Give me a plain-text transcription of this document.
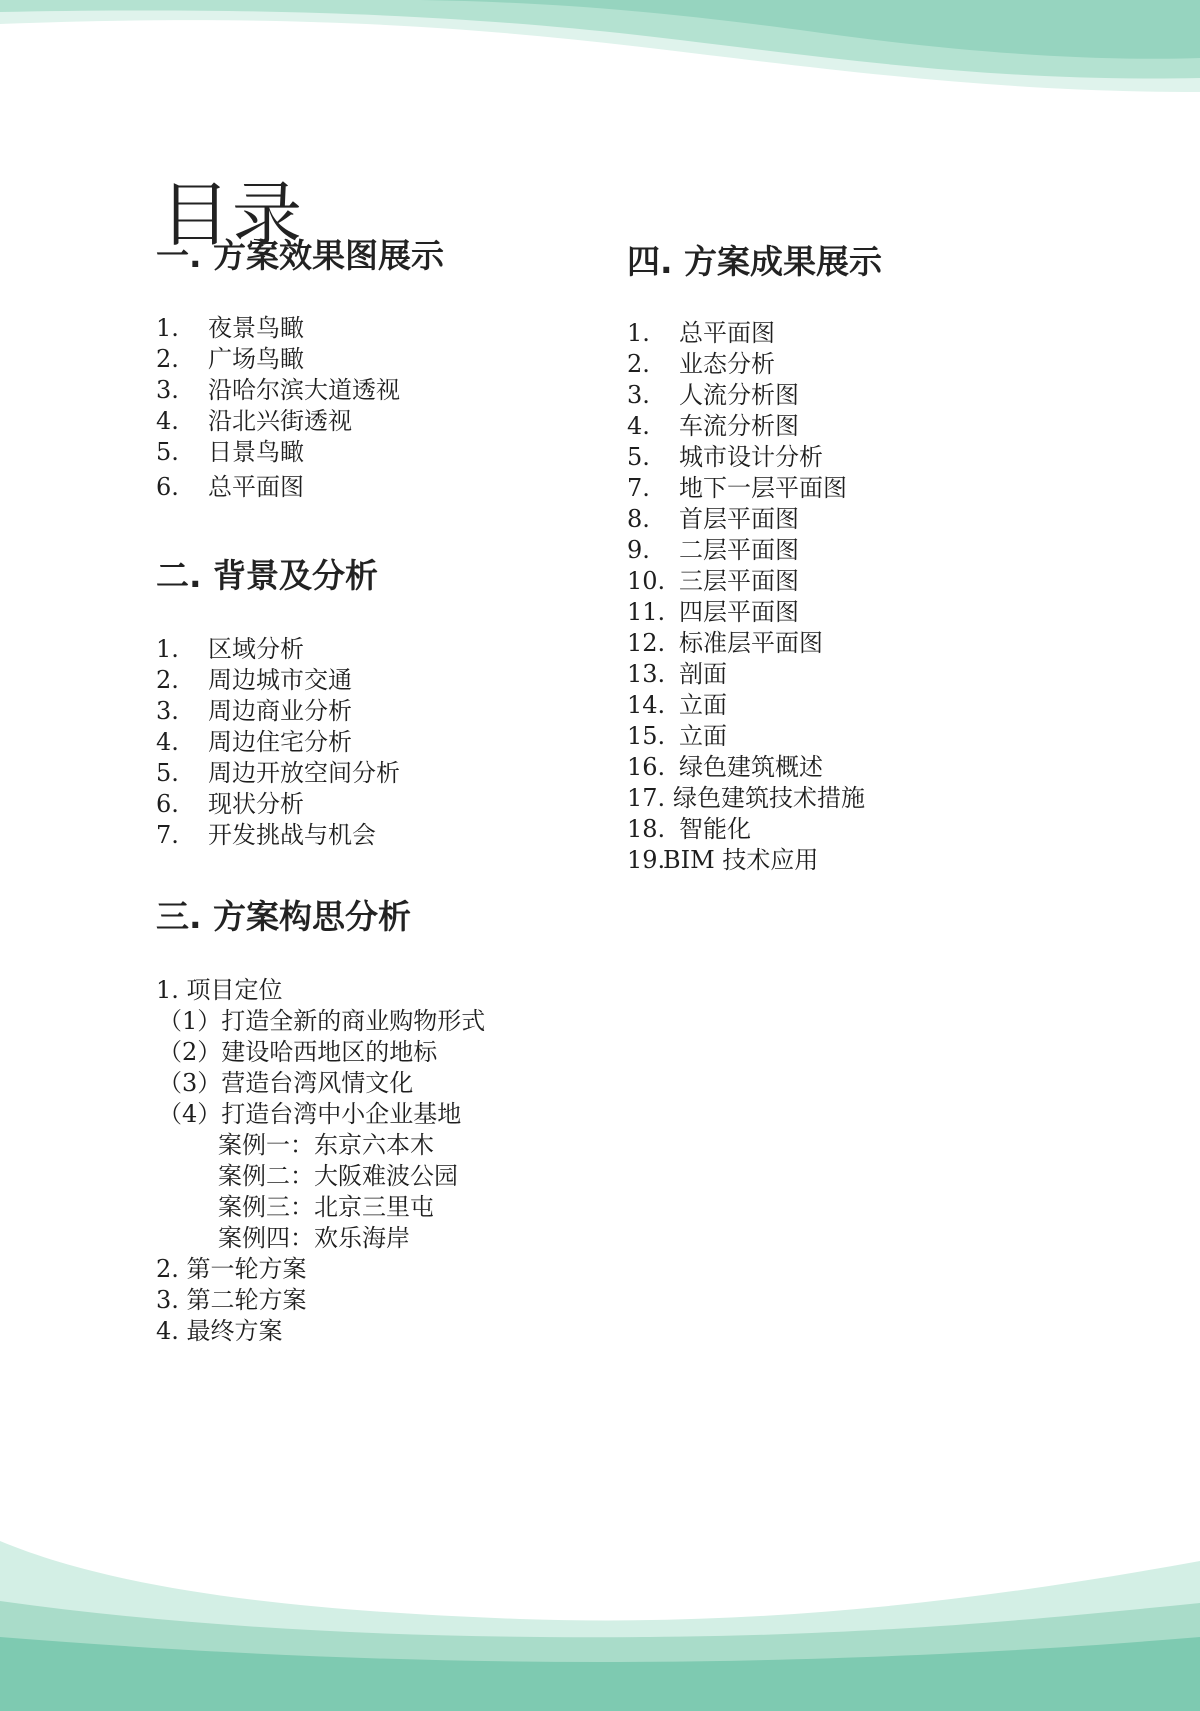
目录
一. 方案效果图展示
1. 夜景鸟瞰
2. 广场鸟瞰
3. 沿哈尔滨大道透视
4. 沿北兴街透视
5. 日景鸟瞰
6. 总平面图
二. 背景及分析
1. 区域分析
2. 周边城市交通
3. 周边商业分析
4. 周边住宅分析
5. 周边开放空间分析
6. 现状分析
7. 开发挑战与机会
三. 方案构思分析
1. 项目定位
（1）打造全新的商业购物形式
（2）建设哈西地区的地标
（3）营造台湾风情文化
（4）打造台湾中小企业基地
案例一：东京六本木
案例二：大阪难波公园
案例三：北京三里屯
案例四：欢乐海岸
2. 第一轮方案
3. 第二轮方案
4. 最终方案
四. 方案成果展示
1. 总平面图
2. 业态分析
3. 人流分析图
4. 车流分析图
5. 城市设计分析
7. 地下一层平面图
8. 首层平面图
9. 二层平面图
10. 三层平面图
11. 四层平面图
12. 标准层平面图
13. 剖面
14. 立面
15. 立面
16. 绿色建筑概述
17. 绿色建筑技术措施
18. 智能化
19.BIM 技术应用
